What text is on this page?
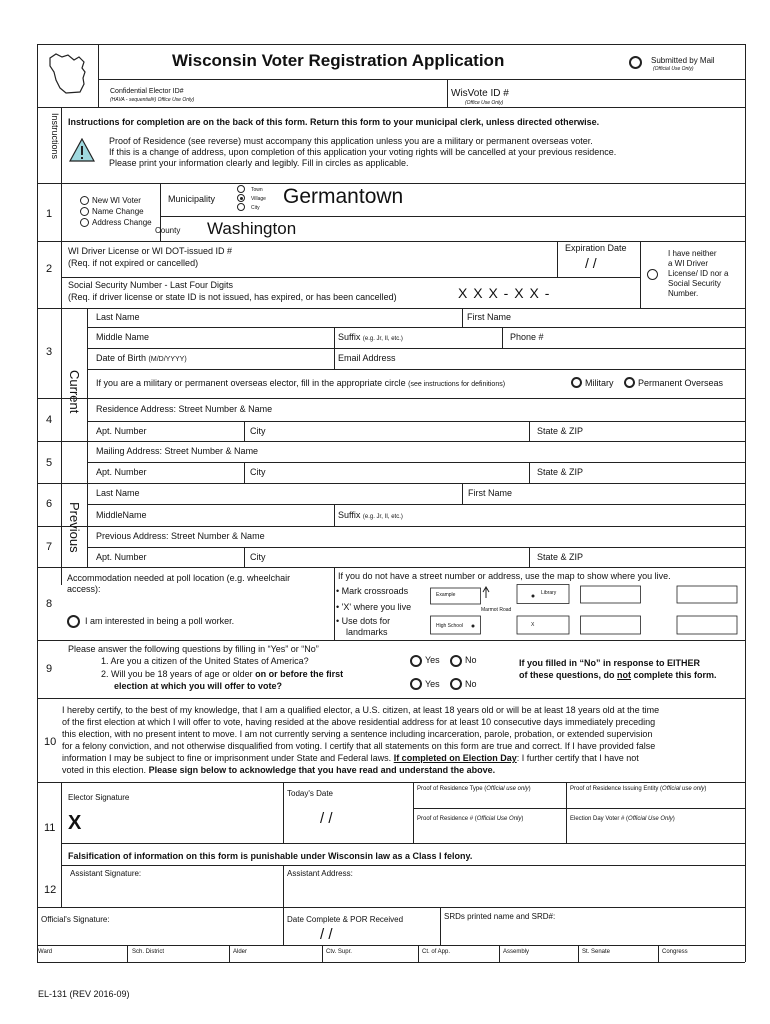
Wisconsin Voter Registration Application	Submitted by Mail
(Official Use Only)
Confidential Elector ID#
(HAVA - sequential#) Office Use Only)
WisVote ID #
(Office Use Only)
Instructions Instructions for completion are on the back of this form. Return this form to your municipal clerk, unless directed otherwise.
Proof of Residence (see reverse) must accompany this application unless you are a military or permanent overseas voter.
If this is a change of address, upon completion of this application your voting rights will be cancelled at your previous residence.
Please print your information clearly and legibly. Fill in circles as applicable.
1
New WI Voter
Name Change
Address Change
Municipality
Town
Village
City Germantown
County Washington
2
WI Driver License or WI DOT-issued ID #
(Req. if not expired or cancelled)
Expiration Date
/ /
Social Security Number - Last Four Digits
(Req. if driver license or state ID is not issued, has expired, or has been cancelled)	X X X - X X -
I have neither
a WI Driver
License/ ID nor a
Social Security
Number.
Current
3
Last Name	First Name
Middle Name	Suffix (e.g. Jr, II, etc.)	Phone #
Date of Birth (M/D/YYYY)	Email Address
If you are a military or permanent overseas elector, fill in the appropriate circle (see instructions for definitions)	Military	Permanent Overseas
4
Residence Address: Street Number & Name
Apt. Number	City	State & ZIP
5
Mailing Address: Street Number & Name
Apt. Number	City	State & ZIP
Previous
6
Last Name	First Name
MiddleName	Suffix (e.g. Jr, II, etc.)
7
Previous Address: Street Number & Name
Apt. Number	City	State & ZIP
8
Accommodation needed at poll location (e.g. wheelchair
access):
I am interested in being a poll worker.
If you do not have a street number or address, use the map to show where you live.
• Mark crossroads
• 'X' where you live
• Use dots for
landmarks
Example	Library
Marmot Road
High School	X
9
Please answer the following questions by filling in “Yes” or “No”
1. Are you a citizen of the United States of America?
2. Will you be 18 years of age or older on or before the first
election at which you will offer to vote?
Yes	No
Yes	No
If you filled in “No” in response to EITHER
of these questions, do not complete this form.
10
I hereby certify, to the best of my knowledge, that I am a qualified elector, a U.S. citizen, at least 18 years old or will be at least 18 years old at the time
of the first election at which I will offer to vote, having resided at the above residential address for at least 10 consecutive days immediately preceding
this election, with no present intent to move. I am not currently serving a sentence including incarceration, parole, probation, or extended supervision
for a felony conviction, and not otherwise disqualified from voting. I certify that all statements on this form are true and correct. If I have provided false
information I may be subject to fine or imprisonment under State and Federal laws. If completed on Election Day: I further certify that I have not
voted in this election. Please sign below to acknowledge that you have read and understand the above.
11
Elector Signature
X
Today's Date
/ /
Proof of Residence Type (Official use only)	Proof of Residence Issuing Entity (Official use only)
Proof of Residence # (Official Use Only)	Election Day Voter # (Official Use Only)
Falsification of information on this form is punishable under Wisconsin law as a Class I felony.
12
Assistant Signature:	Assistant Address:
Official's Signature:	Date Complete & POR Received
/ /
SRDs printed name and SRD#:
Ward	Sch. District	Alder	Ctv. Supr.	Ct. of App.	Assembly	St. Senate	Congress
EL-131 (REV 2016-09)
